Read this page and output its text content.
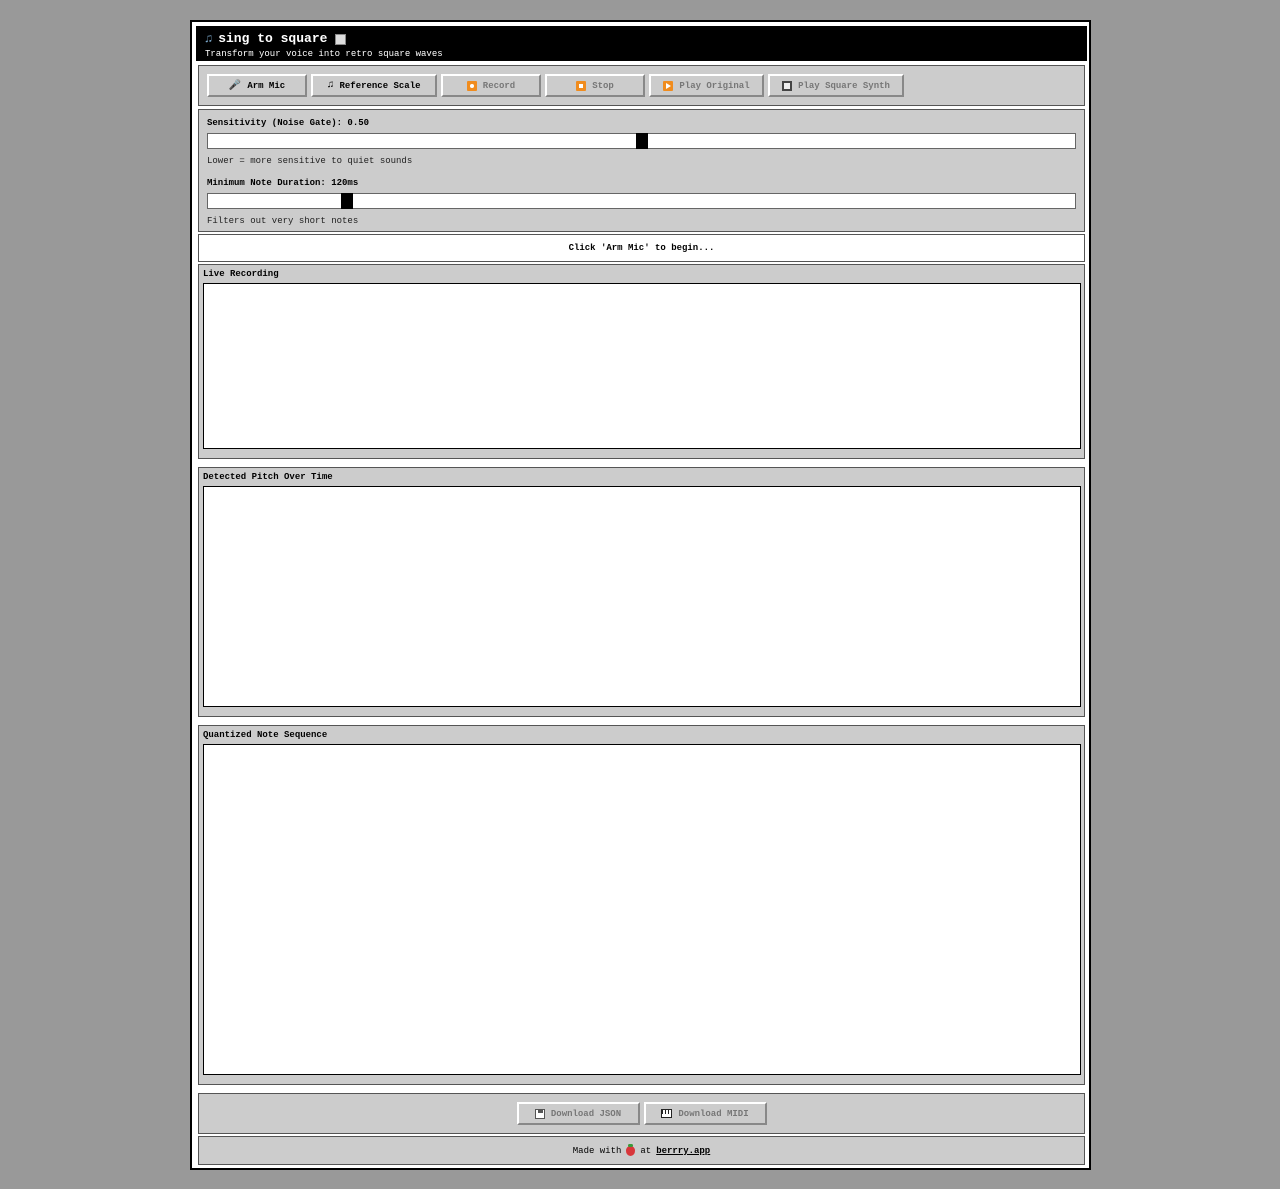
♫ sing to square
Transform your voice into retro square waves
🎤 Arm Mic	♫ Reference Scale	Record	Stop	Play Original	Play Square Synth
Sensitivity (Noise Gate): 0.50
Lower = more sensitive to quiet sounds
Minimum Note Duration: 120ms
Filters out very short notes
Click 'Arm Mic' to begin...
Live Recording
Detected Pitch Over Time
Quantized Note Sequence
Download JSON	Download MIDI
Made with at berrry.app
